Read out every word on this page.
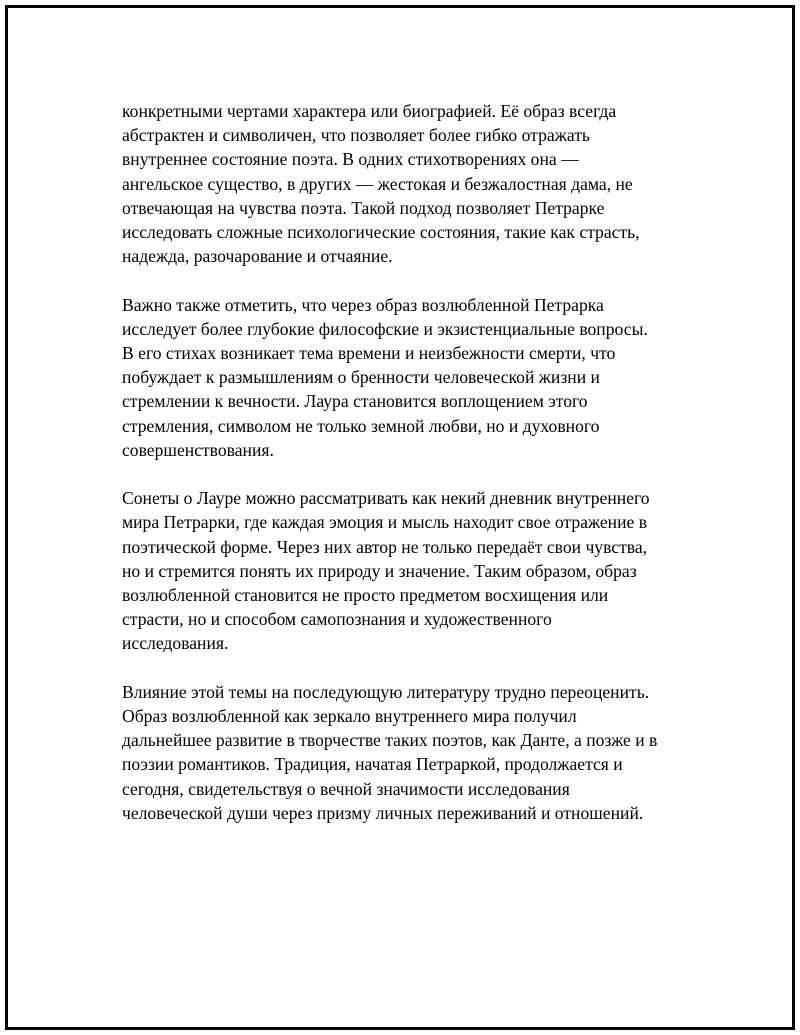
конкретными чертами характера или биографией. Её образ всегда
абстрактен и символичен, что позволяет более гибко отражать
внутреннее состояние поэта. В одних стихотворениях она —
ангельское существо, в других — жестокая и безжалостная дама, не
отвечающая на чувства поэта. Такой подход позволяет Петрарке
исследовать сложные психологические состояния, такие как страсть,
надежда, разочарование и отчаяние.

Важно также отметить, что через образ возлюбленной Петрарка
исследует более глубокие философские и экзистенциальные вопросы.
В его стихах возникает тема времени и неизбежности смерти, что
побуждает к размышлениям о бренности человеческой жизни и
стремлении к вечности. Лаура становится воплощением этого
стремления, символом не только земной любви, но и духовного
совершенствования.

Сонеты о Лауре можно рассматривать как некий дневник внутреннего
мира Петрарки, где каждая эмоция и мысль находит свое отражение в
поэтической форме. Через них автор не только передаёт свои чувства,
но и стремится понять их природу и значение. Таким образом, образ
возлюбленной становится не просто предметом восхищения или
страсти, но и способом самопознания и художественного
исследования.

Влияние этой темы на последующую литературу трудно переоценить.
Образ возлюбленной как зеркало внутреннего мира получил
дальнейшее развитие в творчестве таких поэтов, как Данте, а позже и в
поэзии романтиков. Традиция, начатая Петраркой, продолжается и
сегодня, свидетельствуя о вечной значимости исследования
человеческой души через призму личных переживаний и отношений.
